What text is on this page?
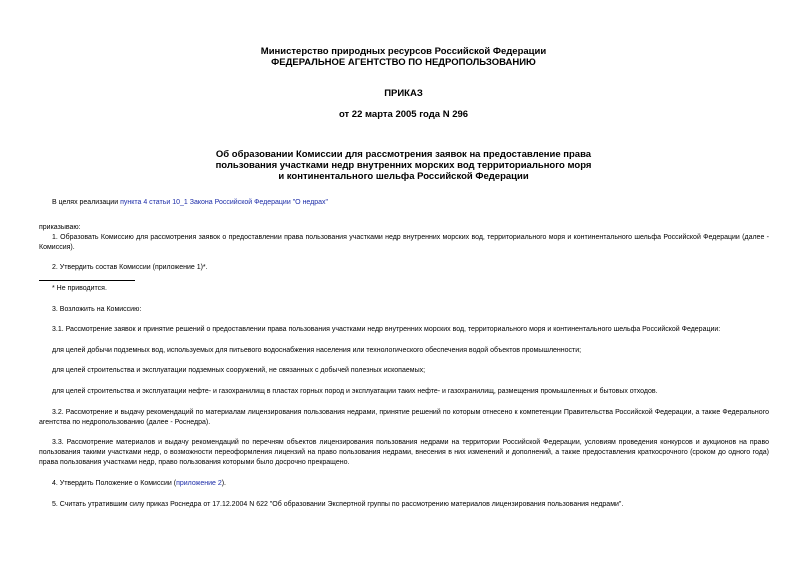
Министерство природных ресурсов Российской Федерации
ФЕДЕРАЛЬНОЕ АГЕНТСТВО ПО НЕДРОПОЛЬЗОВАНИЮ
ПРИКАЗ
от 22 марта 2005 года N 296
Об образовании Комиссии для рассмотрения заявок на предоставление права
пользования участками недр внутренних морских вод территориального моря
и континентального шельфа Российской Федерации
В целях реализации пункта 4 статьи 10_1 Закона Российской Федерации "О недрах"
приказываю:
1. Образовать Комиссию для рассмотрения заявок о предоставлении права пользования участками недр внутренних морских вод, территориального моря и континентального шельфа Российской Федерации (далее - Комиссия).
2. Утвердить состав Комиссии (приложение 1)*.
* Не приводится.
3. Возложить на Комиссию:
3.1. Рассмотрение заявок и принятие решений о предоставлении права пользования участками недр внутренних морских вод, территориального моря и континентального шельфа Российской Федерации:
для целей добычи подземных вод, используемых для питьевого водоснабжения населения или технологического обеспечения водой объектов промышленности;
для целей строительства и эксплуатации подземных сооружений, не связанных с добычей полезных ископаемых;
для целей строительства и эксплуатации нефте- и газохранилищ в пластах горных пород и эксплуатации таких нефте- и газохранилищ, размещения промышленных и бытовых отходов.
3.2. Рассмотрение и выдачу рекомендаций по материалам лицензирования пользования недрами, принятие решений по которым отнесено к компетенции Правительства Российской Федерации, а также Федерального агентства по недропользованию (далее - Роснедра).
3.3. Рассмотрение материалов и выдачу рекомендаций по перечням объектов лицензирования пользования недрами на территории Российской Федерации, условиям проведения конкурсов и аукционов на право пользования такими участками недр, о возможности переоформления лицензий на право пользования недрами, внесения в них изменений и дополнений, а также предоставления краткосрочного (сроком до одного года) права пользования участками недр, право пользования которыми было досрочно прекращено.
4. Утвердить Положение о Комиссии (приложение 2).
5. Считать утратившим силу приказ Роснедра от 17.12.2004 N 622 "Об образовании Экспертной группы по рассмотрению материалов лицензирования пользования недрами".
